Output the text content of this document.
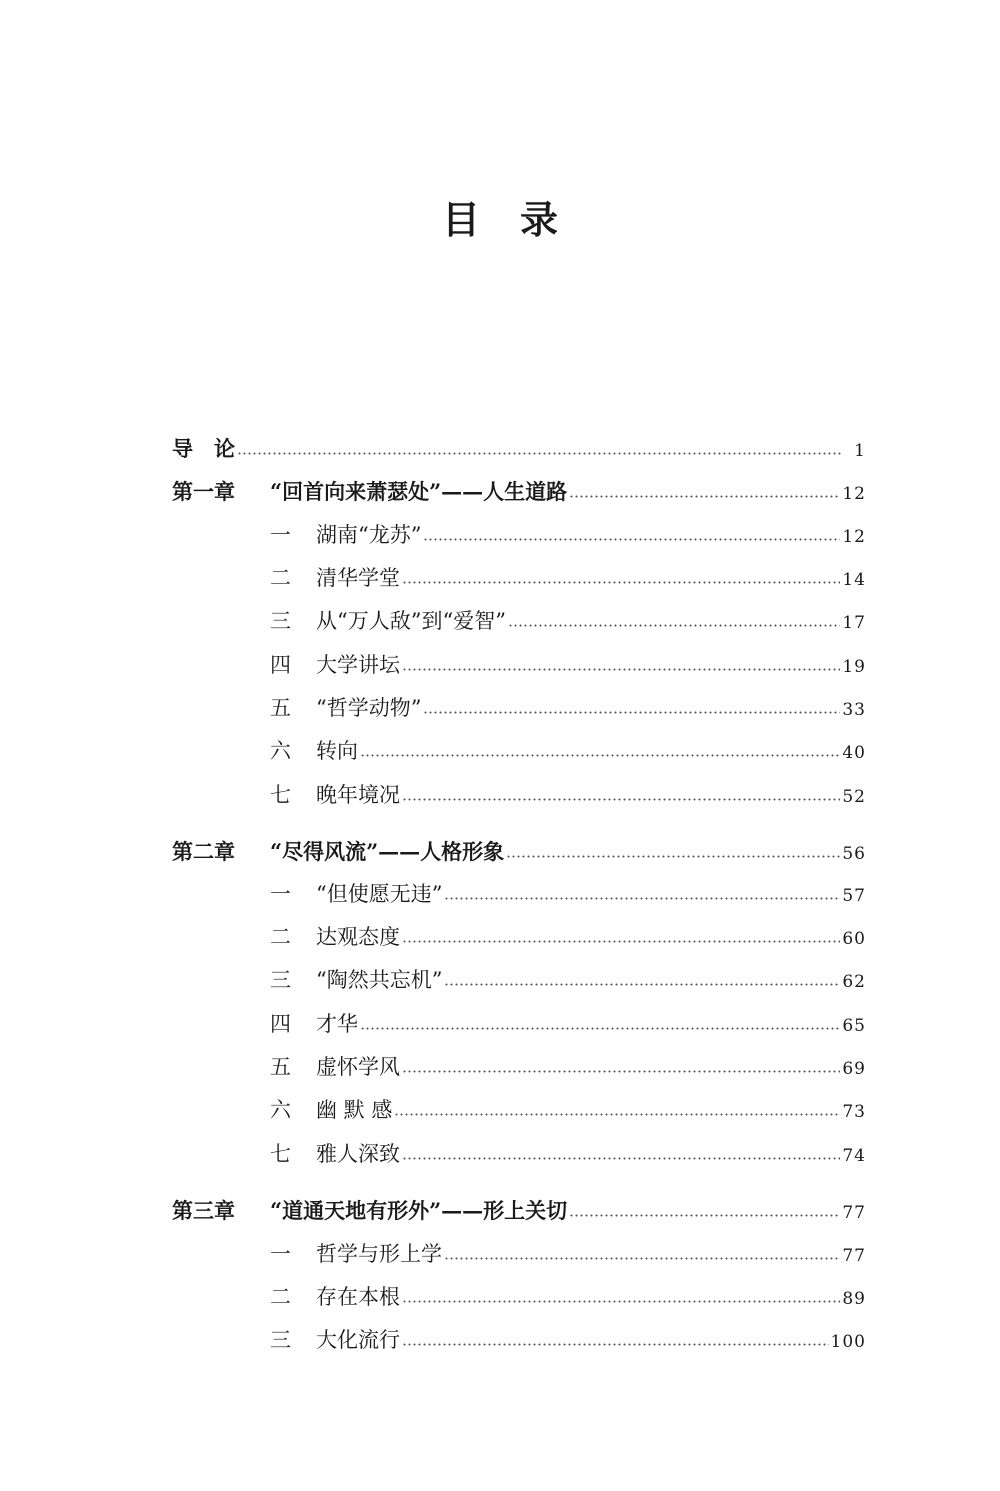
目 录
导　论	1
第一章	“回首向来萧瑟处”——人生道路	12
一	湖南“龙苏”	12
二	清华学堂	14
三	从“万人敌”到“爱智”	17
四	大学讲坛	19
五	“哲学动物”	33
六	转向	40
七	晚年境况	52
第二章	“尽得风流”——人格形象	56
一	“但使愿无违”	57
二	达观态度	60
三	“陶然共忘机”	62
四	才华	65
五	虚怀学风	69
六	幽 默 感	73
七	雅人深致	74
第三章	“道通天地有形外”——形上关切	77
一	哲学与形上学	77
二	存在本根	89
三	大化流行	100
